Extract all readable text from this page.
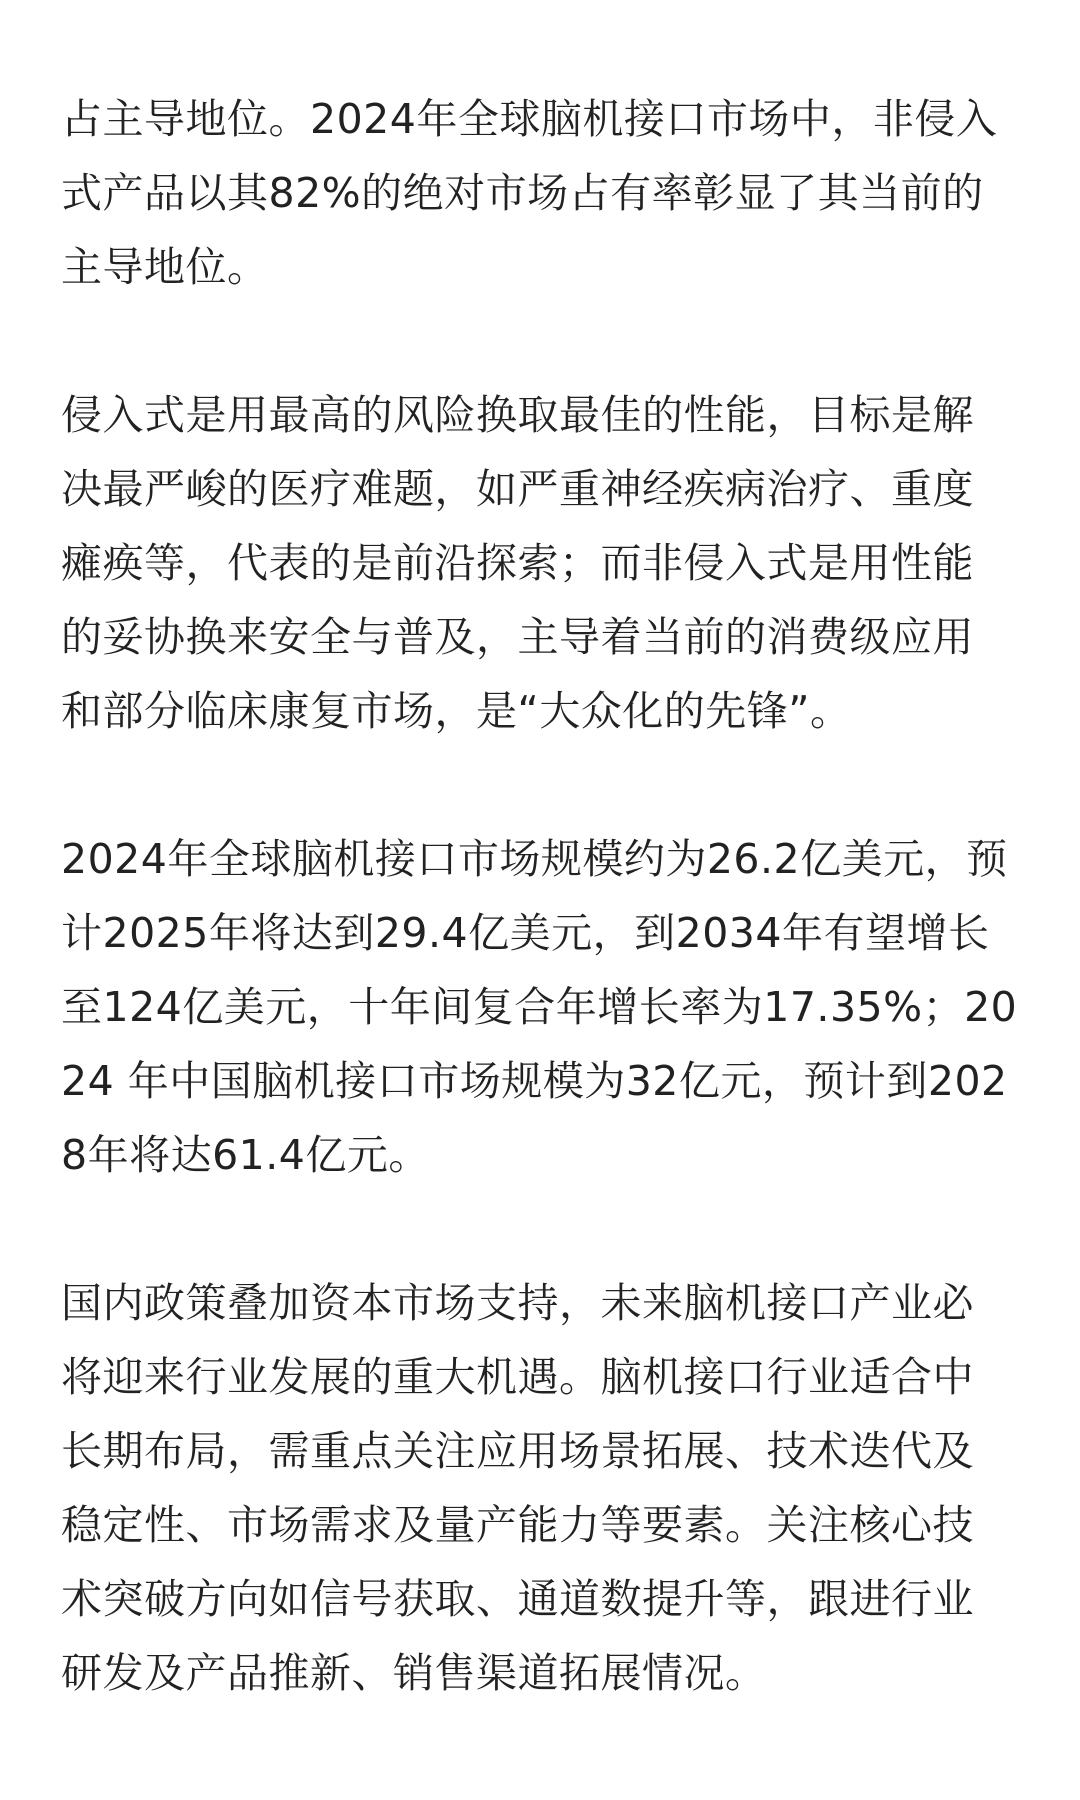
占主导地位。2024年全球脑机接口市场中，非侵入
式产品以其82%的绝对市场占有率彰显了其当前的
主导地位。

侵入式是用最高的风险换取最佳的性能，目标是解
决最严峻的医疗难题，如严重神经疾病治疗、重度
瘫痪等，代表的是前沿探索；而非侵入式是用性能
的妥协换来安全与普及，主导着当前的消费级应用
和部分临床康复市场，是“大众化的先锋”。

2024年全球脑机接口市场规模约为26.2亿美元，预
计2025年将达到29.4亿美元，到2034年有望增长
至124亿美元，十年间复合年增长率为17.35%；20
24 年中国脑机接口市场规模为32亿元，预计到202
8年将达61.4亿元。

国内政策叠加资本市场支持，未来脑机接口产业必
将迎来行业发展的重大机遇。脑机接口行业适合中
长期布局，需重点关注应用场景拓展、技术迭代及
稳定性、市场需求及量产能力等要素。关注核心技
术突破方向如信号获取、通道数提升等，跟进行业
研发及产品推新、销售渠道拓展情况。
